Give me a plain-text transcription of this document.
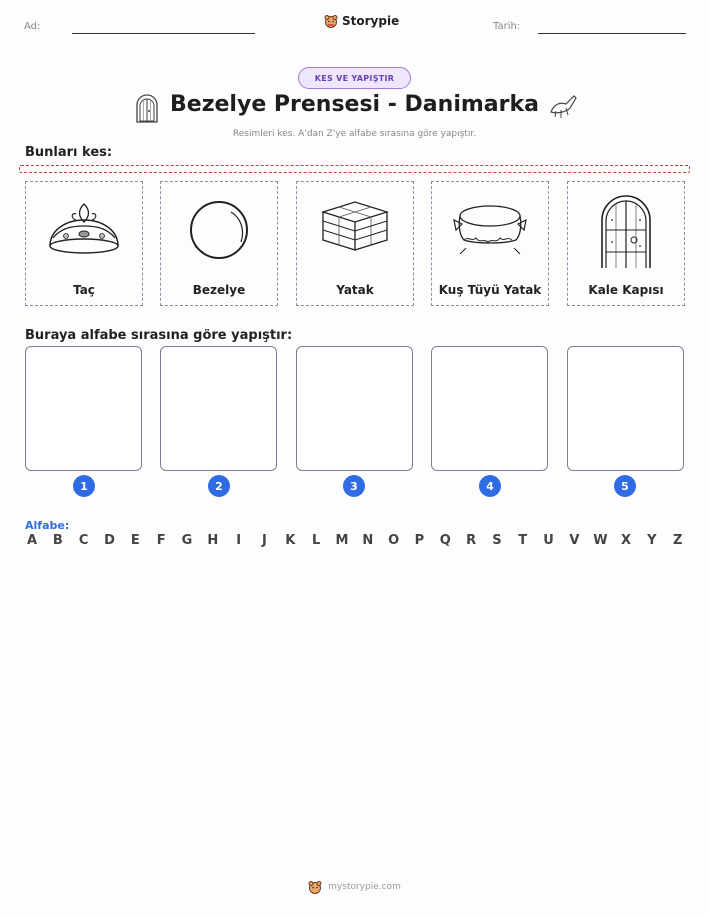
Ad:	Storypie	Tarih:
KES VE YAPIŞTIR
Bezelye Prensesi - Danimarka
Resimleri kes. A'dan Z'ye alfabe sırasına göre yapıştır.
Bunları kes:
Taç	Bezelye	Yatak	Kuş Tüyü Yatak	Kale Kapısı
Buraya alfabe sırasına göre yapıştır:
1	2	3	4	5
Alfabe:
A B C D E F G H	I	J	K L M N O P Q R S T U V W X Y Z
mystorypie.com
